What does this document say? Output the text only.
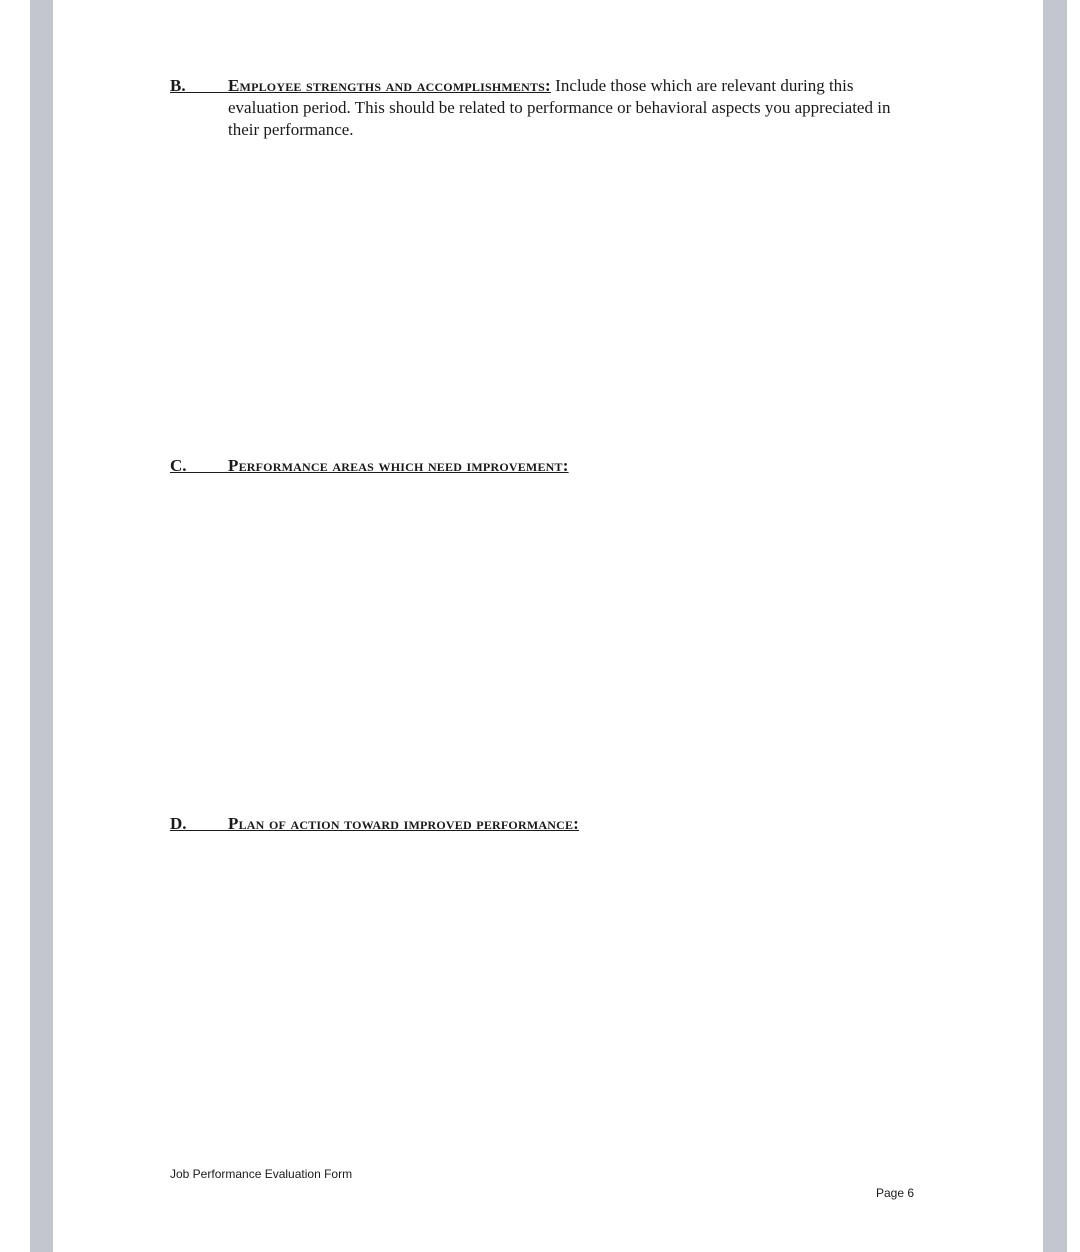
B. Employee strengths and accomplishments: Include those which are relevant during this evaluation period. This should be related to performance or behavioral aspects you appreciated in their performance.
C. Performance areas which need improvement:
D. Plan of action toward improved performance:
Job Performance Evaluation Form
Page 6
